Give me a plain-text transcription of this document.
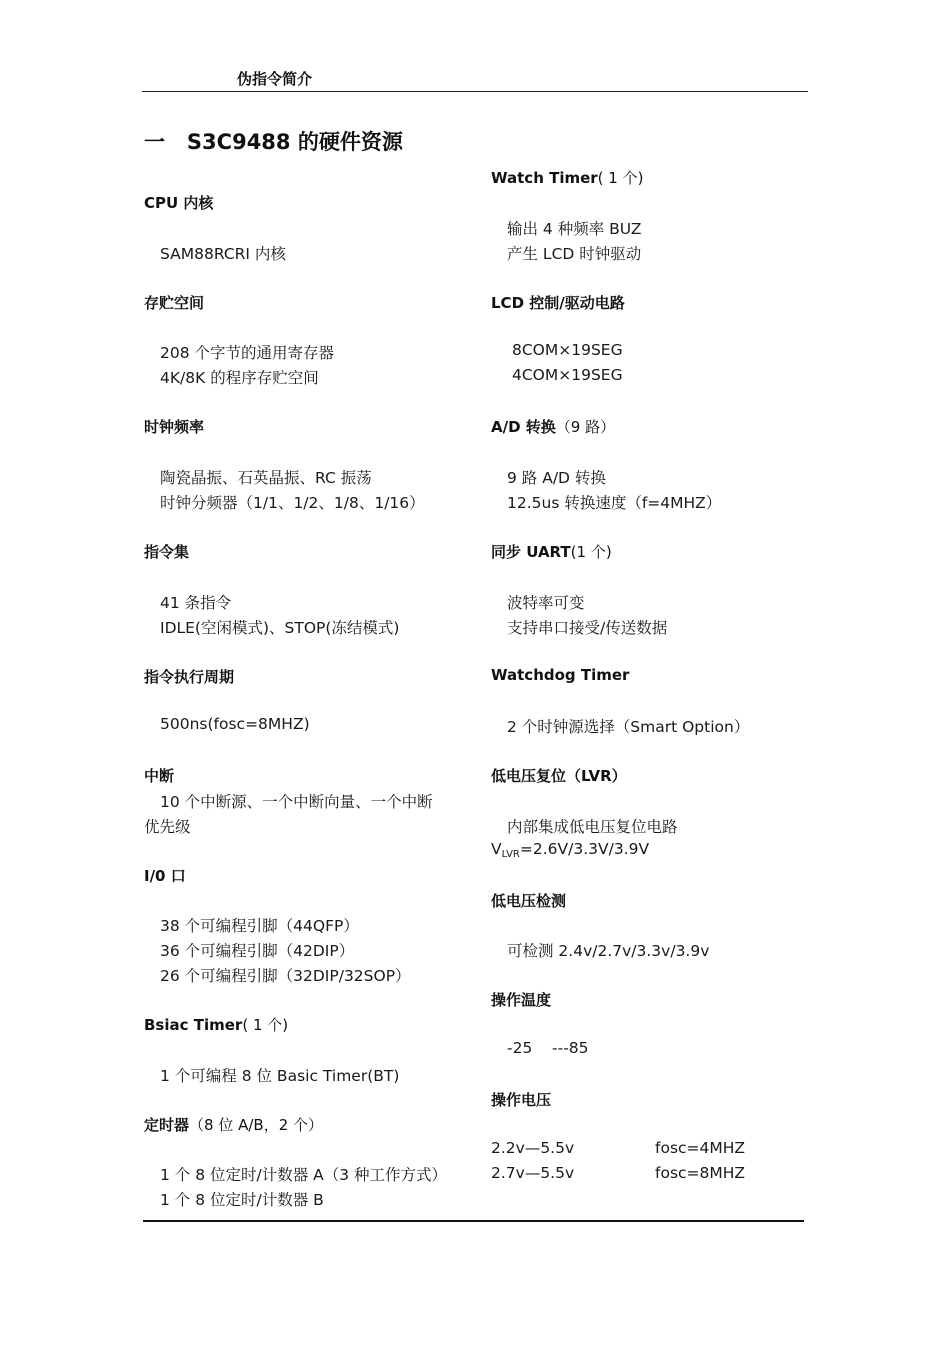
伪指令简介
一   S3C9488 的硬件资源
CPU 内核
SAM88RCRI 内核
存贮空间
208 个字节的通用寄存器
4K/8K 的程序存贮空间
时钟频率
陶瓷晶振、石英晶振、RC 振荡
时钟分频器（1/1、1/2、1/8、1/16）
指令集
41 条指令
IDLE(空闲模式)、STOP(冻结模式)
指令执行周期
500ns(fosc=8MHZ)
中断
10 个中断源、一个中断向量、一个中断
优先级
I/0 口
38 个可编程引脚（44QFP）
36 个可编程引脚（42DIP）
26 个可编程引脚（32DIP/32SOP）
Bsiac Timer( 1 个)
1 个可编程 8 位 Basic Timer(BT)
定时器（8 位 A/B，2 个）
1 个 8 位定时/计数器 A（3 种工作方式）
1 个 8 位定时/计数器 B
Watch Timer( 1 个)
输出 4 种频率 BUZ
产生 LCD 时钟驱动
LCD 控制/驱动电路
8COM×19SEG
4COM×19SEG
A/D 转换（9 路）
9 路 A/D 转换
12.5us 转换速度（f=4MHZ）
同步 UART(1 个)
波特率可变
支持串口接受/传送数据
Watchdog Timer
2 个时钟源选择（Smart Option）
低电压复位（LVR）
内部集成低电压复位电路
$V_{LVR}=2.6V/3.3V/3.9V$
低电压检测
可检测 2.4v/2.7v/3.3v/3.9v
操作温度
-25    ---85
操作电压
2.2v—5.5v	fosc=4MHZ
2.7v—5.5v	fosc=8MHZ
